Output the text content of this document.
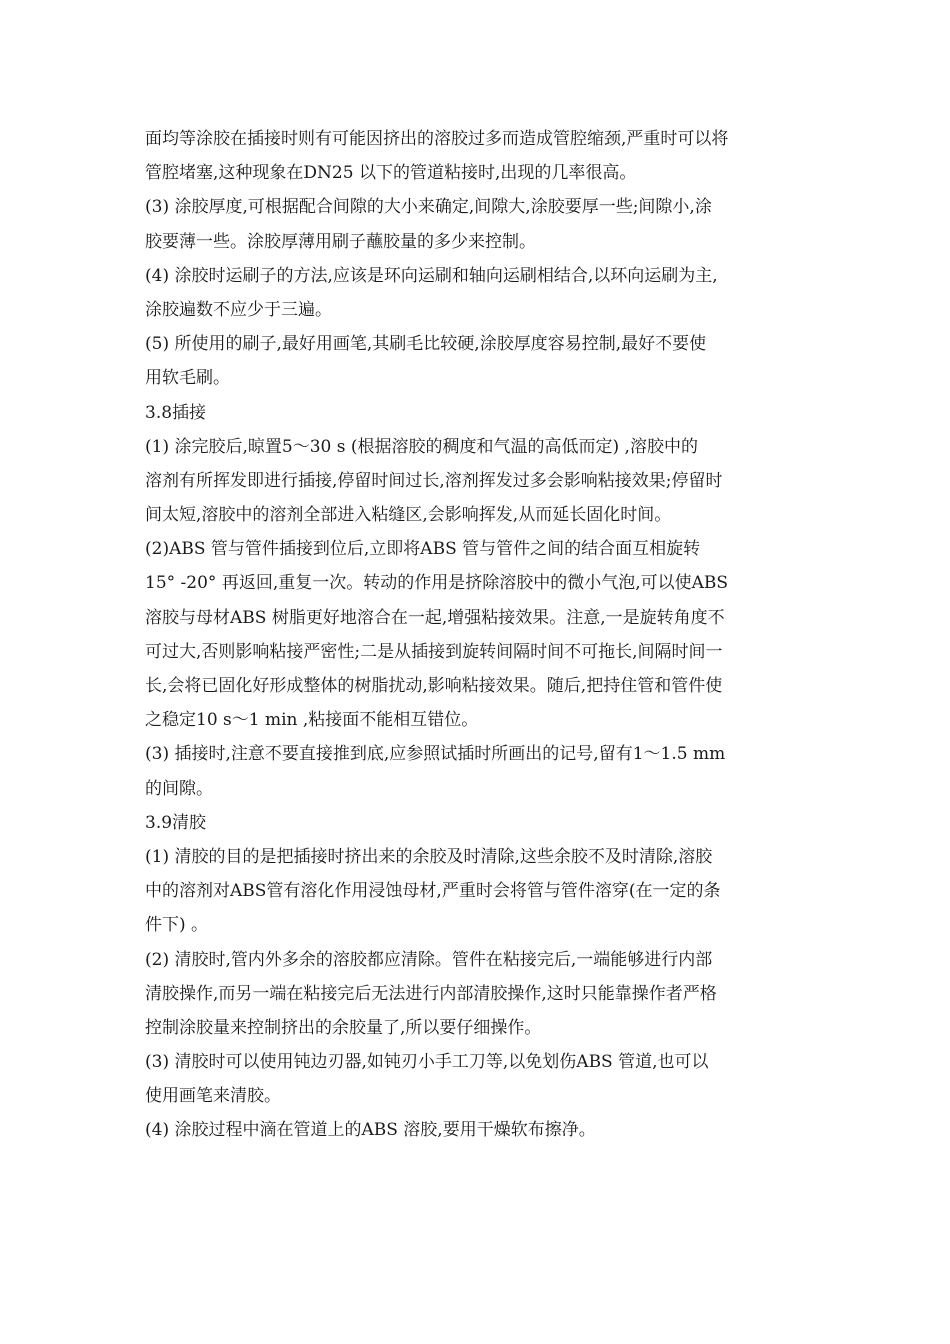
面均等涂胶在插接时则有可能因挤出的溶胶过多而造成管腔缩颈,严重时可以将
管腔堵塞,这种现象在DN25 以下的管道粘接时,出现的几率很高。
(3) 涂胶厚度,可根据配合间隙的大小来确定,间隙大,涂胶要厚一些;间隙小,涂
胶要薄一些。涂胶厚薄用刷子蘸胶量的多少来控制。
(4) 涂胶时运刷子的方法,应该是环向运刷和轴向运刷相结合,以环向运刷为主,
涂胶遍数不应少于三遍。
(5) 所使用的刷子,最好用画笔,其刷毛比较硬,涂胶厚度容易控制,最好不要使
用软毛刷。
3.8插接
(1) 涂完胶后,晾置5～30 s (根据溶胶的稠度和气温的高低而定) ,溶胶中的
溶剂有所挥发即进行插接,停留时间过长,溶剂挥发过多会影响粘接效果;停留时
间太短,溶胶中的溶剂全部进入粘缝区,会影响挥发,从而延长固化时间。
(2)ABS 管与管件插接到位后,立即将ABS 管与管件之间的结合面互相旋转
15° -20° 再返回,重复一次。转动的作用是挤除溶胶中的微小气泡,可以使ABS
溶胶与母材ABS 树脂更好地溶合在一起,增强粘接效果。注意,一是旋转角度不
可过大,否则影响粘接严密性;二是从插接到旋转间隔时间不可拖长,间隔时间一
长,会将已固化好形成整体的树脂扰动,影响粘接效果。随后,把持住管和管件使
之稳定10 s～1 min ,粘接面不能相互错位。
(3) 插接时,注意不要直接推到底,应参照试插时所画出的记号,留有1～1.5 mm
的间隙。
3.9清胶
(1) 清胶的目的是把插接时挤出来的余胶及时清除,这些余胶不及时清除,溶胶
中的溶剂对ABS管有溶化作用浸蚀母材,严重时会将管与管件溶穿(在一定的条
件下) 。
(2) 清胶时,管内外多余的溶胶都应清除。管件在粘接完后,一端能够进行内部
清胶操作,而另一端在粘接完后无法进行内部清胶操作,这时只能靠操作者严格
控制涂胶量来控制挤出的余胶量了,所以要仔细操作。
(3) 清胶时可以使用钝边刃器,如钝刃小手工刀等,以免划伤ABS 管道,也可以
使用画笔来清胶。
(4) 涂胶过程中滴在管道上的ABS 溶胶,要用干燥软布擦净。
